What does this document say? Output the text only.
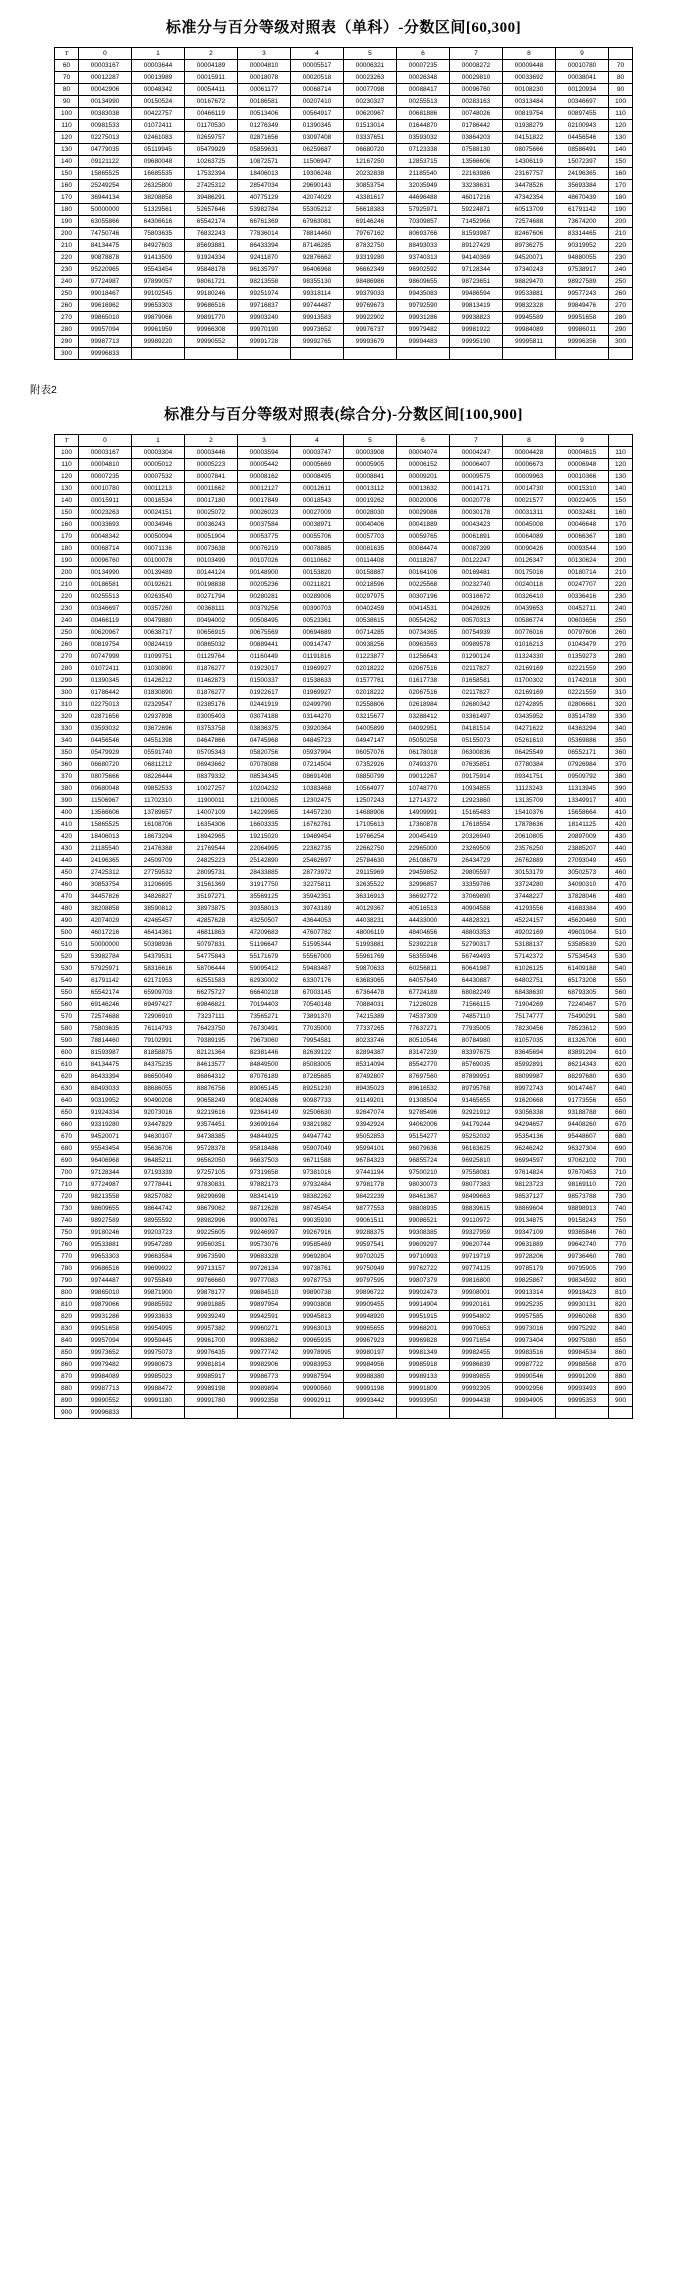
标准分与百分等级对照表（单科）-分数区间[60,300]
T	0	1	2	3	4	5	6	7	8	9	
60	00003167	00003644	00004189	00004810	00005517	00006321	00007235	00008272	00009448	00010780	70
70	00012287	00013989	00015911	00018078	00020518	00023263	00026348	00029810	00033692	00038041	80
80	00042906	00048342	00054411	00061177	00068714	00077098	00088417	00096760	00108230	00120934	90
90	00134990	00150524	00167672	00186581	00207410	00230327	00255513	00283163	00313484	00346697	100
100	00383038	00422757	00466119	00513406	00564917	00620967	00681886	00748026	00819754	00897455	110
110	00981533	01072411	01170530	01276349	01390345	01513014	01644870	01786442	01938279	02100943	120
120	02275013	02461083	02659757	02871656	03097408	03337651	03593032	03864203	04151822	04456546	130
130	04779035	05119945	05479929	05859631	06259687	06680720	07123338	07588130	08075666	08586491	140
140	09121122	09680048	10263725	10872571	11506947	12167250	12853715	13566606	14306119	15072397	150
150	15865525	16685535	17532394	18406013	19306248	20232838	21185540	22163986	23167757	24196365	160
160	25249254	26325800	27425312	28547034	29690143	30853754	32035949	33238631	34478526	35693384	170
170	36944134	38208858	39486291	40775129	42074029	43381617	44696488	46017216	47342354	48670439	180
180	50000000	51329561	52657646	53982784	55305212	56618383	57925971	59224871	60513709	61791142	190
190	63055866	64306616	65542174	66761369	67963081	69146246	70309857	71452966	72574688	73674200	200
200	74750746	75803635	76832243	77836014	78814460	79767162	80693766	81593987	82467606	83314465	210
210	84134475	84927603	85693881	86433394	87146285	87832750	88493033	89127429	89736275	90319952	220
220	90878878	91413509	91924334	92411870	92876662	93319280	93740313	94140369	94520071	94880055	230
230	95220965	95543454	95848178	96135797	96406968	96662349	96902592	97128344	97340243	97538917	240
240	97724987	97899057	98061721	98213558	98355130	98486986	98609655	98723651	98829470	98927589	250
250	99018467	99102545	99180246	99251974	99318114	99379033	99435083	99486594	99533881	99577243	260
260	99616962	99653303	99686516	99716837	99744487	99769673	99792590	99813419	99832328	99849476	270
270	99865010	99879066	99891770	99903240	99913583	99922902	99931286	99938823	99945589	99951658	280
280	99957094	99961959	99966308	99970190	99973652	99976737	99979482	99981922	99984089	99986011	290
290	99987713	99989220	99990552	99991728	99992765	99993679	99994483	99995190	99995811	99996356	300
300	99996833										
附表2
标准分与百分等级对照表(综合分)-分数区间[100,900]
T	0	1	2	3	4	5	6	7	8	9	
100	00003167	00003304	00003446	00003594	00003747	00003908	00004074	00004247	00004428	00004615	110
110	00004810	00005012	00005223	00005442	00005669	00005905	00006152	00006407	00006673	00006948	120
120	00007235	00007532	00007841	00008162	00008495	00008841	00009201	00009575	00009963	00010366	130
130	00010780	00011213	00011662	00012127	00012611	00013112	00013632	00014171	00014730	00015310	140
140	00015911	00016534	00017180	00017849	00018543	00019262	00020006	00020778	00021577	00022405	150
150	00023263	00024151	00025072	00026023	00027009	00028030	00029086	00030178	00031311	00032481	160
160	00033693	00034946	00036243	00037584	00038971	00040406	00041889	00043423	00045008	00046648	170
170	00048342	00050094	00051904	00053775	00055706	00057703	00059765	00061891	00064089	00066367	180
180	00068714	00071136	00073638	00076219	00078885	00081635	00084474	00087399	00090426	00093544	190
190	00096760	00100078	00103499	00107026	00110662	00114408	00118267	00122247	00126347	00130624	200
200	00134990	00139489	00144124	00148900	00153820	00158887	00164106	00169481	00175016	00180714	210
210	00186581	00192621	00198838	00205236	00211821	00218596	00225568	00232740	00240118	00247707	220
220	00255513	00263540	00271794	00280281	00289006	00297975	00307196	00316672	00326410	00336416	230
230	00346697	00357260	00368111	00379256	00390703	00402459	00414531	00426926	00439653	00452711	240
240	00466119	00479880	00494002	00508495	00523361	00538615	00554262	00570313	00586774	00603656	250
250	00620967	00638717	00656915	00675569	00694689	00714285	00734365	00754939	00776016	00797606	260
260	00819754	00824419	00865032	00889441	00914747	00938256	00963563	00989578	01016213	01043479	270
270	00747999	01099751	01129764	01160449	01191816	01223877	01256643	01290124	01324330	01359273	280
280	01072411	01030890	01876277	01923017	01969927	02018222	02067516	02117827	02169169	02221559	290
290	01390345	01426212	01462873	01500337	01538633	01577761	01617738	01658581	01700302	01742918	300
300	01786442	01830890	01876277	01922617	01969927	02018222	02067516	02117827	02169169	02221559	310
310	02275013	02329547	02385176	02441919	02499790	02558806	02618984	02680342	02742895	02806661	320
320	02871656	02937898	03005403	03074188	03144270	03215677	03288412	03361497	03435952	03514789	330
330	03593032	03672696	03753758	03836375	03920364	04005899	04092951	04181514	04271622	04363294	340
340	04456546	04551398	04647866	04745968	04845723	04947147	05050258	05155073	05261610	05369886	350
350	05479929	05591740	05705343	05820756	05937994	06057076	06178018	06300836	06425549	06552171	360
360	06680720	06811212	06943662	07078088	07214504	07352926	07493370	07635851	07780384	07926984	370
370	08075666	08226444	08379332	08534345	08691498	08850799	09012267	09175914	09341751	09509792	380
380	09680048	09852533	10027257	10204232	10383468	10564977	10748770	10934855	11123243	11313945	390
390	11506967	11702310	11900011	12100065	12302475	12507243	12714372	12923860	13135709	13349917	400
400	13566606	13789657	14007109	14229965	14457230	14688906	14909991	15165483	15410376	15658664	410
410	15865525	16108706	16354306	16603335	16762761	17105613	17360878	17618554	17878636	18141125	420
420	18406013	18673294	18942965	19215020	19489454	19766254	20045419	20326940	20610805	20897009	430
430	21185540	21476388	21769544	22064995	22362735	22662750	22965000	23269509	23576250	23885207	440
440	24196365	24509709	24825223	25142890	25462697	25784630	26108679	26434729	26762889	27093049	450
450	27425312	27759532	28095731	28433885	28773972	29115969	29459852	29805597	30153179	30502573	460
460	30853754	31206695	31561369	31917750	32275811	32635522	32996857	33359786	33724280	34090310	470
470	34457826	34826827	35197271	35569125	35942351	36316913	36692772	37069890	37448227	37828046	480
480	38208858	38590812	38973875	39358013	39743189	40129367	40516513	40904588	41293556	41683384	490
490	42074029	42465457	42857628	43250507	43644053	44038231	44433000	44828321	45224157	45620469	500
500	46017216	46414361	46811863	47209683	47607782	48006119	48404656	48803353	49202169	49601064	510
510	50000000	50398936	50797831	51196647	51595344	51993881	52392218	52790317	53188137	53585639	520
520	53982784	54379531	54775843	55171679	55567000	55961769	56355946	56749493	57142372	57534543	530
530	57925971	58316616	58706444	59095412	59483487	59870633	60256811	60641987	61026125	61409188	540
540	61791142	62171953	62551583	62930002	63307176	63683065	64057649	64430887	64802751	65173208	550
550	65542174	65909703	66275727	66640218	67003145	67364478	67724189	68082249	68438630	68793305	560
560	69146246	69497427	69846821	70194403	70540148	70884031	71226028	71566115	71904269	72240467	570
570	72574688	72906910	73237111	73565271	73891370	74215389	74537309	74857110	75174777	75490291	580
580	75803635	76114793	76423750	76730491	77035000	77337265	77637271	77935005	78230456	78523612	590
590	78814460	79102991	79389195	79673060	79954581	80233746	80510546	80784980	81057035	81326706	600
600	81593987	81858875	82121364	82381446	82639122	82894387	83147239	83397675	83645694	83891294	610
610	84134475	84375235	84613577	84849500	85083005	85314094	85542770	85769035	85992891	86214343	620
620	86433394	86650049	86864312	87076189	87285685	87492807	87697560	87899951	88099987	88297680	630
630	88493033	88686055	88876756	89065145	89251230	89435023	89616532	89795768	89972743	90147467	640
640	90319952	90490208	90658249	90824086	90987733	91149201	91308504	91465655	91620668	91773556	650
650	91924334	92073016	92219616	92364149	92506630	92647074	92785496	92921912	93056338	93188788	660
660	93319280	93447829	93574451	93699164	93821982	93942924	94062006	94179244	94294657	94408260	670
670	94520071	94630107	94738385	94844925	94947742	95052853	95154277	95252032	95354136	95448607	680
680	95543454	95636706	95728378	95818486	95907049	95994101	96079636	96163625	96246242	96327304	690
690	96406968	96485211	96562050	96637503	96711588	96784323	96855724	96925810	96994597	97062102	700
700	97128344	97193339	97257105	97319658	97381016	97441194	97500210	97558081	97614824	97670453	710
710	97724987	97778441	97830831	97882173	97932484	97981778	98030073	98077383	98123723	98169110	720
720	98213558	98257082	98299698	98341419	98382262	98422239	98461367	98499663	98537127	98573788	730
730	98609655	98644742	98679062	98712628	98745454	98777553	98808935	98839615	98869604	98898913	740
740	98927589	98955592	98982996	99009761	99035930	99061511	99086521	99110972	99134875	99158243	750
750	99180246	99203723	99225605	99246997	99267916	99288375	99308385	99327959	99347109	99365846	760
760	99533881	99547289	99560351	99573076	99585469	99597541	99609297	99620744	99631889	99642740	770
770	99653303	99663584	99673590	99683328	99692804	99702025	99710993	99719719	99728206	99736460	780
780	99686516	99699922	99713157	99726134	99738761	99750949	99762722	99774125	99785179	99795905	790
790	99744487	99755849	99766660	99777083	99787753	99797595	99807379	99816800	99825867	99834592	800
800	99865010	99871900	99878177	99884510	99890738	99896722	99902473	99908001	99913314	99918423	810
810	99879066	99885592	99891885	99897954	99903808	99909455	99914904	99920161	99925235	99930131	820
820	99931286	99933633	99939249	99942591	99945813	99948920	99951915	99954802	99957585	99960268	830
830	99951658	99954995	99957382	99960271	99963013	99965655	99968201	99970653	99973016	99975292	840
840	99957094	99959445	99961700	99963862	99965935	99967923	99969828	99971654	99973404	99975080	850
850	99973652	99975073	99976435	99977742	99978995	99980197	99981349	99982455	99983516	99984534	860
860	99979482	99980673	99981814	99982906	99983953	99984956	99985918	99986839	99987722	99988568	870
870	99984089	99985023	99985917	99986773	99987594	99988380	99989133	99989855	99990546	99991209	880
880	99987713	99988472	99989198	99989894	99990560	99991198	99991809	99992395	99992956	99993493	890
890	99990552	99991180	99991780	99992358	99992911	99993442	99993950	99994438	99994905	99995353	900
900	99996833										
